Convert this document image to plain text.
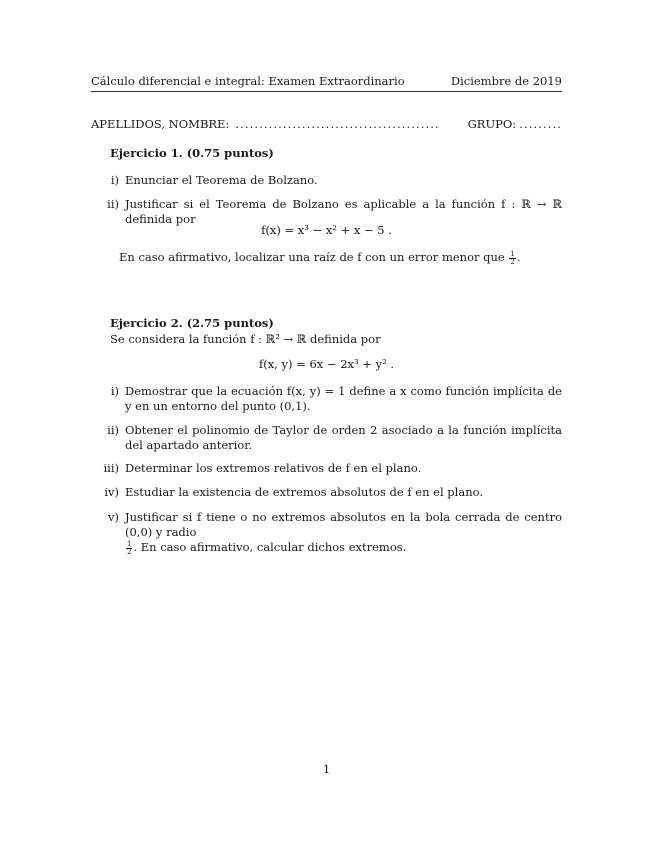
Cálculo diferencial e integral: Examen Extraordinario	Diciembre de 2019
APELLIDOS, NOMBRE: ...........................................	GRUPO: .........
Ejercicio 1. (0.75 puntos)
i) Enunciar el Teorema de Bolzano.
ii) Justificar si el Teorema de Bolzano es aplicable a la función f : ℝ → ℝ definida por
f(x) = x³ − x² + x − 5 .
En caso afirmativo, localizar una raíz de f con un error menor que $\frac{1}{2}$ .
Ejercicio 2. (2.75 puntos)
Se considera la función f : ℝ² → ℝ definida por
f(x, y) = 6x − 2x³ + y² .
i) Demostrar que la ecuación f(x, y) = 1 define a x como función implícita de y en un entorno del punto (0,1).
ii) Obtener el polinomio de Taylor de orden 2 asociado a la función implícita del apartado anterior.
iii) Determinar los extremos relativos de f en el plano.
iv) Estudiar la existencia de extremos absolutos de f en el plano.
v) Justificar si f tiene o no extremos absolutos en la bola cerrada de centro (0,0) y radio

$\frac{1}{2}$ . En caso afirmativo, calcular dichos extremos.
1
